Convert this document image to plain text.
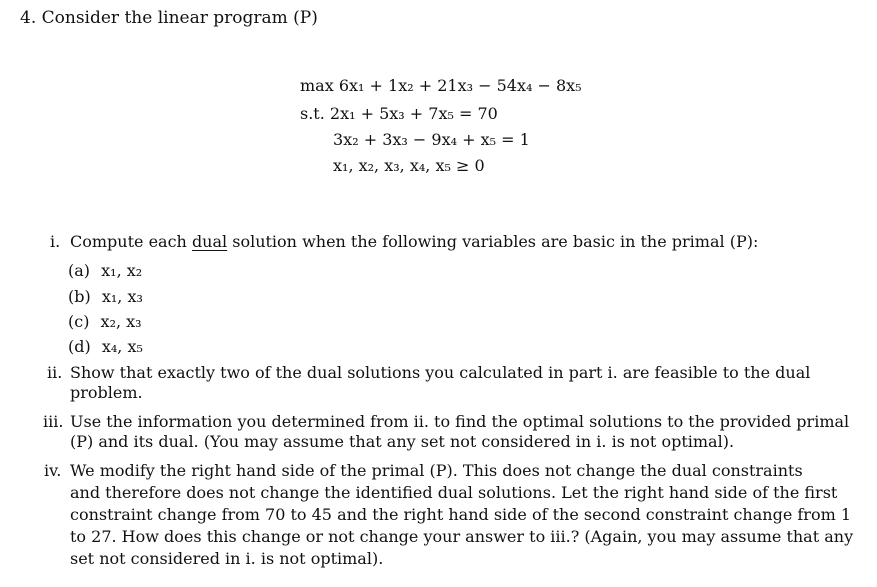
4. Consider the linear program (P)
max 6x₁ + 1x₂ + 21x₃ − 54x₄ − 8x₅
s.t. 2x₁ + 5x₃ + 7x₅ = 70
3x₂ + 3x₃ − 9x₄ + x₅ = 1
x₁, x₂, x₃, x₄, x₅ ≥ 0
i. Compute each dual solution when the following variables are basic in the primal (P):
(a) x₁, x₂
(b) x₁, x₃
(c) x₂, x₃
(d) x₄, x₅
ii. Show that exactly two of the dual solutions you calculated in part i. are feasible to the dual
problem.
iii. Use the information you determined from ii. to find the optimal solutions to the provided primal
(P) and its dual. (You may assume that any set not considered in i. is not optimal).
iv. We modify the right hand side of the primal (P). This does not change the dual constraints
and therefore does not change the identified dual solutions. Let the right hand side of the first
constraint change from 70 to 45 and the right hand side of the second constraint change from 1
to 27. How does this change or not change your answer to iii.? (Again, you may assume that any
set not considered in i. is not optimal).
